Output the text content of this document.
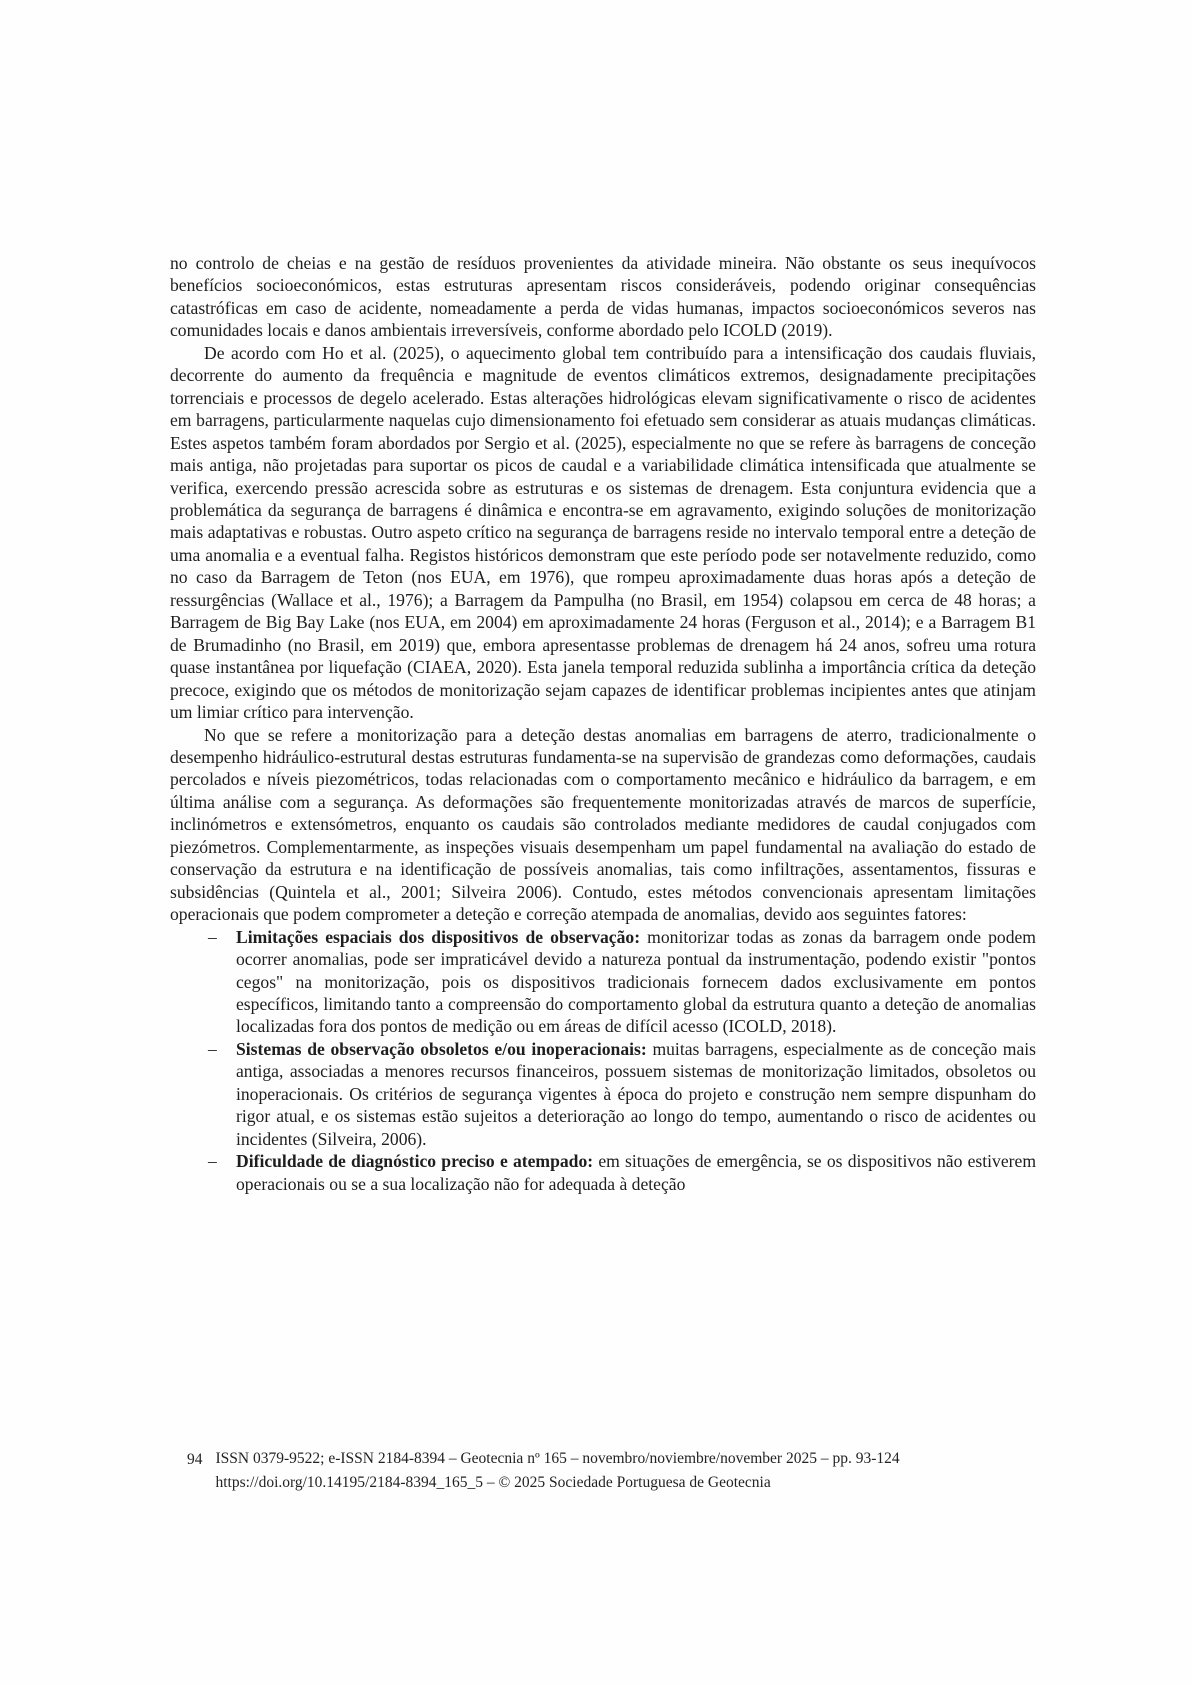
no controlo de cheias e na gestão de resíduos provenientes da atividade mineira. Não obstante os seus inequívocos benefícios socioeconómicos, estas estruturas apresentam riscos consideráveis, podendo originar consequências catastróficas em caso de acidente, nomeadamente a perda de vidas humanas, impactos socioeconómicos severos nas comunidades locais e danos ambientais irreversíveis, conforme abordado pelo ICOLD (2019).

De acordo com Ho et al. (2025), o aquecimento global tem contribuído para a intensificação dos caudais fluviais, decorrente do aumento da frequência e magnitude de eventos climáticos extremos, designadamente precipitações torrenciais e processos de degelo acelerado. Estas alterações hidrológicas elevam significativamente o risco de acidentes em barragens, particularmente naquelas cujo dimensionamento foi efetuado sem considerar as atuais mudanças climáticas. Estes aspetos também foram abordados por Sergio et al. (2025), especialmente no que se refere às barragens de conceção mais antiga, não projetadas para suportar os picos de caudal e a variabilidade climática intensificada que atualmente se verifica, exercendo pressão acrescida sobre as estruturas e os sistemas de drenagem. Esta conjuntura evidencia que a problemática da segurança de barragens é dinâmica e encontra-se em agravamento, exigindo soluções de monitorização mais adaptativas e robustas. Outro aspeto crítico na segurança de barragens reside no intervalo temporal entre a deteção de uma anomalia e a eventual falha. Registos históricos demonstram que este período pode ser notavelmente reduzido, como no caso da Barragem de Teton (nos EUA, em 1976), que rompeu aproximadamente duas horas após a deteção de ressurgências (Wallace et al., 1976); a Barragem da Pampulha (no Brasil, em 1954) colapsou em cerca de 48 horas; a Barragem de Big Bay Lake (nos EUA, em 2004) em aproximadamente 24 horas (Ferguson et al., 2014); e a Barragem B1 de Brumadinho (no Brasil, em 2019) que, embora apresentasse problemas de drenagem há 24 anos, sofreu uma rotura quase instantânea por liquefação (CIAEA, 2020). Esta janela temporal reduzida sublinha a importância crítica da deteção precoce, exigindo que os métodos de monitorização sejam capazes de identificar problemas incipientes antes que atinjam um limiar crítico para intervenção.

No que se refere a monitorização para a deteção destas anomalias em barragens de aterro, tradicionalmente o desempenho hidráulico-estrutural destas estruturas fundamenta-se na supervisão de grandezas como deformações, caudais percolados e níveis piezométricos, todas relacionadas com o comportamento mecânico e hidráulico da barragem, e em última análise com a segurança. As deformações são frequentemente monitorizadas através de marcos de superfície, inclinómetros e extensómetros, enquanto os caudais são controlados mediante medidores de caudal conjugados com piezómetros. Complementarmente, as inspeções visuais desempenham um papel fundamental na avaliação do estado de conservação da estrutura e na identificação de possíveis anomalias, tais como infiltrações, assentamentos, fissuras e subsidências (Quintela et al., 2001; Silveira 2006). Contudo, estes métodos convencionais apresentam limitações operacionais que podem comprometer a deteção e correção atempada de anomalias, devido aos seguintes fatores:

– Limitações espaciais dos dispositivos de observação: monitorizar todas as zonas da barragem onde podem ocorrer anomalias, pode ser impraticável devido a natureza pontual da instrumentação, podendo existir "pontos cegos" na monitorização, pois os dispositivos tradicionais fornecem dados exclusivamente em pontos específicos, limitando tanto a compreensão do comportamento global da estrutura quanto a deteção de anomalias localizadas fora dos pontos de medição ou em áreas de difícil acesso (ICOLD, 2018).
– Sistemas de observação obsoletos e/ou inoperacionais: muitas barragens, especialmente as de conceção mais antiga, associadas a menores recursos financeiros, possuem sistemas de monitorização limitados, obsoletos ou inoperacionais. Os critérios de segurança vigentes à época do projeto e construção nem sempre dispunham do rigor atual, e os sistemas estão sujeitos a deterioração ao longo do tempo, aumentando o risco de acidentes ou incidentes (Silveira, 2006).
– Dificuldade de diagnóstico preciso e atempado: em situações de emergência, se os dispositivos não estiverem operacionais ou se a sua localização não for adequada à deteção
94 ISSN 0379-9522; e-ISSN 2184-8394 – Geotecnia nº 165 – novembro/noviembre/november 2025 – pp. 93-124
https://doi.org/10.14195/2184-8394_165_5 – © 2025 Sociedade Portuguesa de Geotecnia
